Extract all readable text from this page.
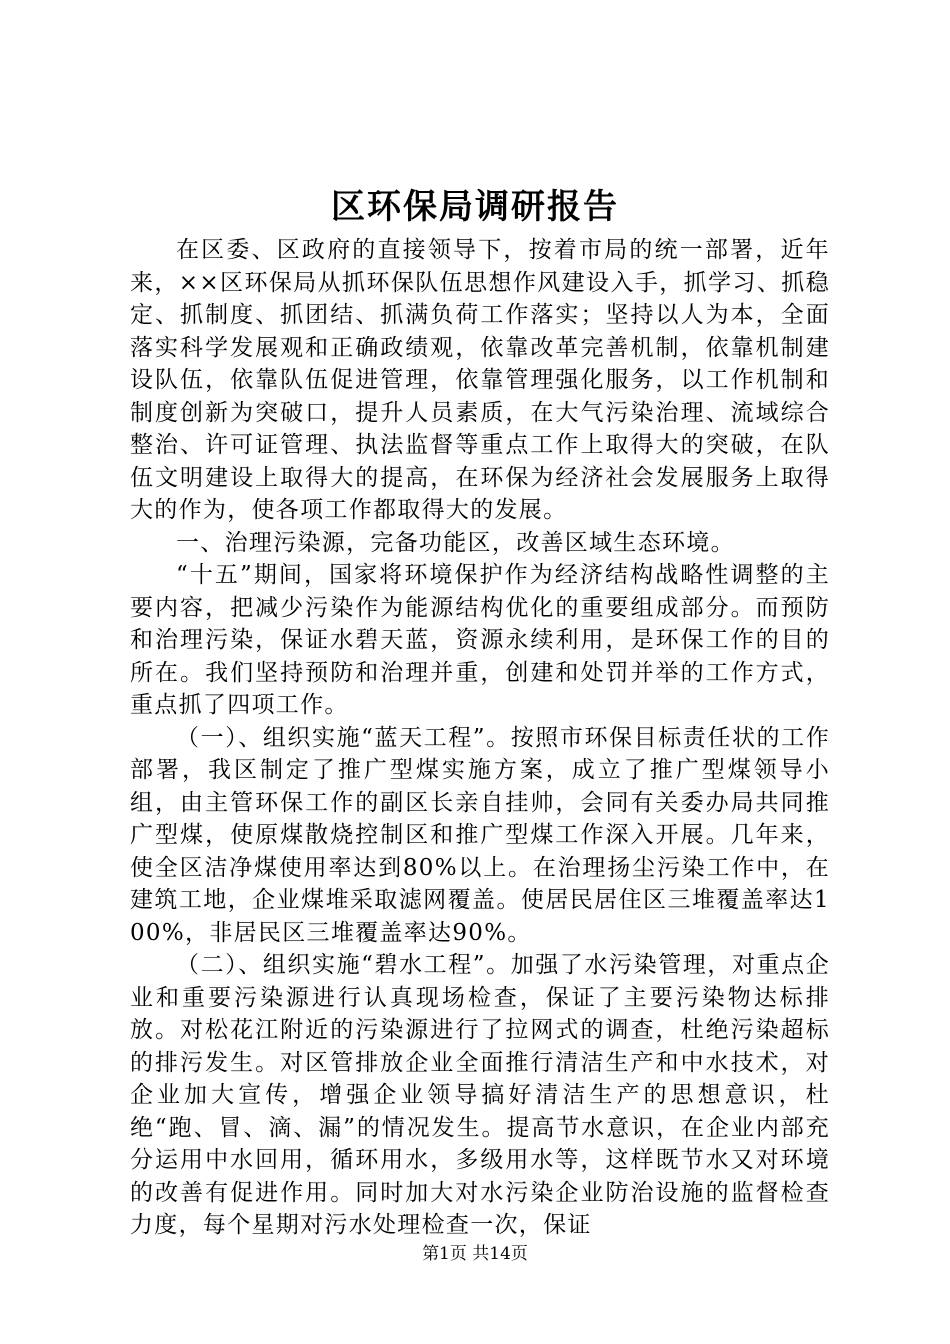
区环保局调研报告

在区委、区政府的直接领导下，按着市局的统一部署，近年来，××区环保局从抓环保队伍思想作风建设入手，抓学习、抓稳定、抓制度、抓团结、抓满负荷工作落实；坚持以人为本，全面落实科学发展观和正确政绩观，依靠改革完善机制，依靠机制建设队伍，依靠队伍促进管理，依靠管理强化服务，以工作机制和制度创新为突破口，提升人员素质，在大气污染治理、流域综合整治、许可证管理、执法监督等重点工作上取得大的突破，在队伍文明建设上取得大的提高，在环保为经济社会发展服务上取得大的作为，使各项工作都取得大的发展。

一、治理污染源，完备功能区，改善区域生态环境。

“十五”期间，国家将环境保护作为经济结构战略性调整的主要内容，把减少污染作为能源结构优化的重要组成部分。而预防和治理污染，保证水碧天蓝，资源永续利用，是环保工作的目的所在。我们坚持预防和治理并重，创建和处罚并举的工作方式，重点抓了四项工作。

（一）、组织实施“蓝天工程”。按照市环保目标责任状的工作部署，我区制定了推广型煤实施方案，成立了推广型煤领导小组，由主管环保工作的副区长亲自挂帅，会同有关委办局共同推广型煤，使原煤散烧控制区和推广型煤工作深入开展。几年来，使全区洁净煤使用率达到80%以上。在治理扬尘污染工作中，在建筑工地，企业煤堆采取滤网覆盖。使居民居住区三堆覆盖率达100%，非居民区三堆覆盖率达90%。

（二）、组织实施“碧水工程”。加强了水污染管理，对重点企业和重要污染源进行认真现场检查，保证了主要污染物达标排放。对松花江附近的污染源进行了拉网式的调查，杜绝污染超标的排污发生。对区管排放企业全面推行清洁生产和中水技术，对企业加大宣传，增强企业领导搞好清洁生产的思想意识，杜绝“跑、冒、滴、漏”的情况发生。提高节水意识，在企业内部充分运用中水回用，循环用水，多级用水等，这样既节水又对环境的改善有促进作用。同时加大对水污染企业防治设施的监督检查力度，每个星期对污水处理检查一次，保证

第1页 共14页
